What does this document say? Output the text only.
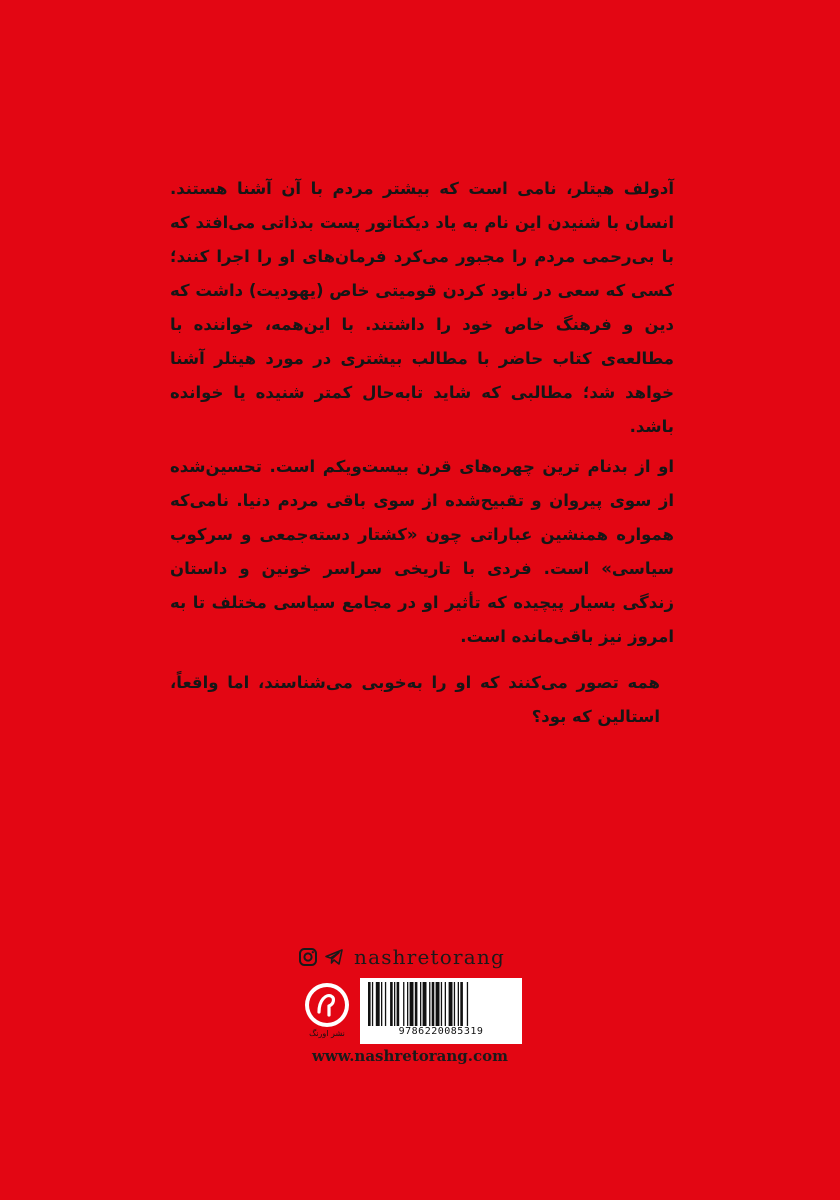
آدولف هیتلر، نامی است که بیشتر مردم با آن آشنا هستند. انسان با شنیدن این نام به یاد دیکتاتور پست بدذاتی می‌افتد که با بی‌رحمی مردم را مجبور می‌کرد فرمان‌های او را اجرا کنند؛ کسی که سعی در نابود کردن قومیتی خاص (یهودیت) داشت که دین و فرهنگ خاص خود را داشتند. با این‌همه، خواننده با مطالعه‌ی کتاب حاضر با مطالب بیشتری در مورد هیتلر آشنا خواهد شد؛ مطالبی که شاید تا‌به‌حال کمتر شنیده یا خوانده باشد.

او از بدنام ترین چهره‌های قرن بیست‌ویکم است. تحسین‌شده از سوی پیروان و تقبیح‌شده از سوی باقی مردم دنیا. نامی‌که همواره همنشین عباراتی چون «کشتار دسته‌جمعی و سرکوب سیاسی» است. فردی با تاریخی سراسر خونین و داستان زندگی بسیار پیچیده که تأثیر او در مجامع سیاسی مختلف تا به امروز نیز باقی‌مانده است.

همه تصور می‌کنند که او را به‌خوبی می‌شناسند، اما واقعاً، استالین که بود؟

nashretorang
نشر اورنگ	9786220085319
www.nashretorang.com
